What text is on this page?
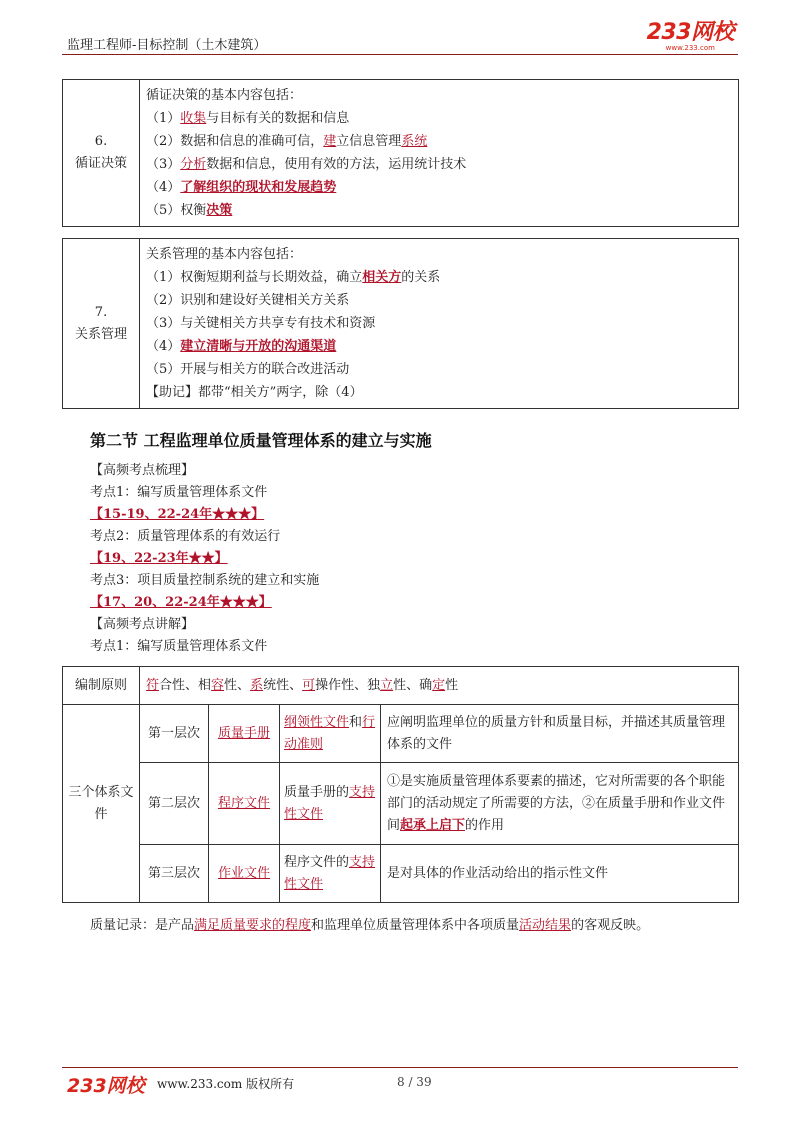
监理工程师-目标控制（土木建筑）
233网校
www.233.com
6.
循证决策

循证决策的基本内容包括：
（1）收集与目标有关的数据和信息
（2）数据和信息的准确可信，建立信息管理系统
（3）分析数据和信息，使用有效的方法，运用统计技术
（4）了解组织的现状和发展趋势
（5）权衡决策
7.
关系管理

关系管理的基本内容包括：
（1）权衡短期利益与长期效益，确立相关方的关系
（2）识别和建设好关键相关方关系
（3）与关键相关方共享专有技术和资源
（4）建立清晰与开放的沟通渠道
（5）开展与相关方的联合改进活动
【助记】都带“相关方”两字，除（4）
第二节 工程监理单位质量管理体系的建立与实施
【高频考点梳理】
考点1：编写质量管理体系文件
【15-19、22-24年★★★】
考点2：质量管理体系的有效运行
【19、22-23年★★】
考点3：项目质量控制系统的建立和实施
【17、20、22-24年★★★】
【高频考点讲解】
考点1：编写质量管理体系文件
编制原则	符合性、相容性、系统性、可操作性、独立性、确定性			
三个体系文件	第一层次	质量手册	纲领性文件和行动准则	应阐明监理单位的质量方针和质量目标，并描述其质量管理体系的文件
	第二层次	程序文件	质量手册的支持性文件	①是实施质量管理体系要素的描述，它对所需要的各个职能部门的活动规定了所需要的方法，②在质量手册和作业文件间起承上启下的作用
	第三层次	作业文件	程序文件的支持性文件	是对具体的作业活动给出的指示性文件
质量记录：是产品满足质量要求的程度和监理单位质量管理体系中各项质量活动结果的客观反映。
233网校 www.233.com 版权所有	8 / 39
